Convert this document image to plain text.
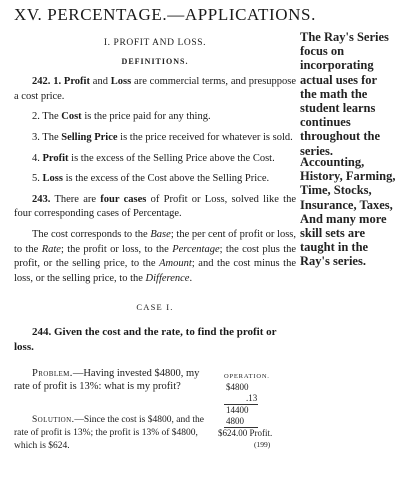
XV. PERCENTAGE.—APPLICATIONS.
I. PROFIT AND LOSS.
DEFINITIONS.

242. 1. Profit and Loss are commercial terms, and presuppose a cost price.

2. The Cost is the price paid for any thing.

3. The Selling Price is the price received for whatever is sold.

4. Profit is the excess of the Selling Price above the Cost.

5. Loss is the excess of the Cost above the Selling Price.

243. There are four cases of Profit or Loss, solved like the four corresponding cases of Percentage.

The cost corresponds to the Base; the per cent of profit or loss, to the Rate; the profit or loss, to the Percentage; the cost plus the profit, or the selling price, to the Amount; and the cost minus the loss, or the selling price, to the Difference.

CASE I.

244. Given the cost and the rate, to find the profit or loss.

Problem.—Having invested $4800, my rate of profit is 13%: what is my profit?
Solution.—Since the cost is $4800, and the rate of profit is 13%; the profit is 13% of $4800, which is $624.
OPERATION.
$4800
.13
14400
4800
$624.00 Profit.
(199)
The Ray's Series focus on incorporating actual uses for the math the student learns continues throughout the series.
Accounting, History, Farming, Time, Stocks, Insurance, Taxes, And many more skill sets are taught in the Ray's series.
